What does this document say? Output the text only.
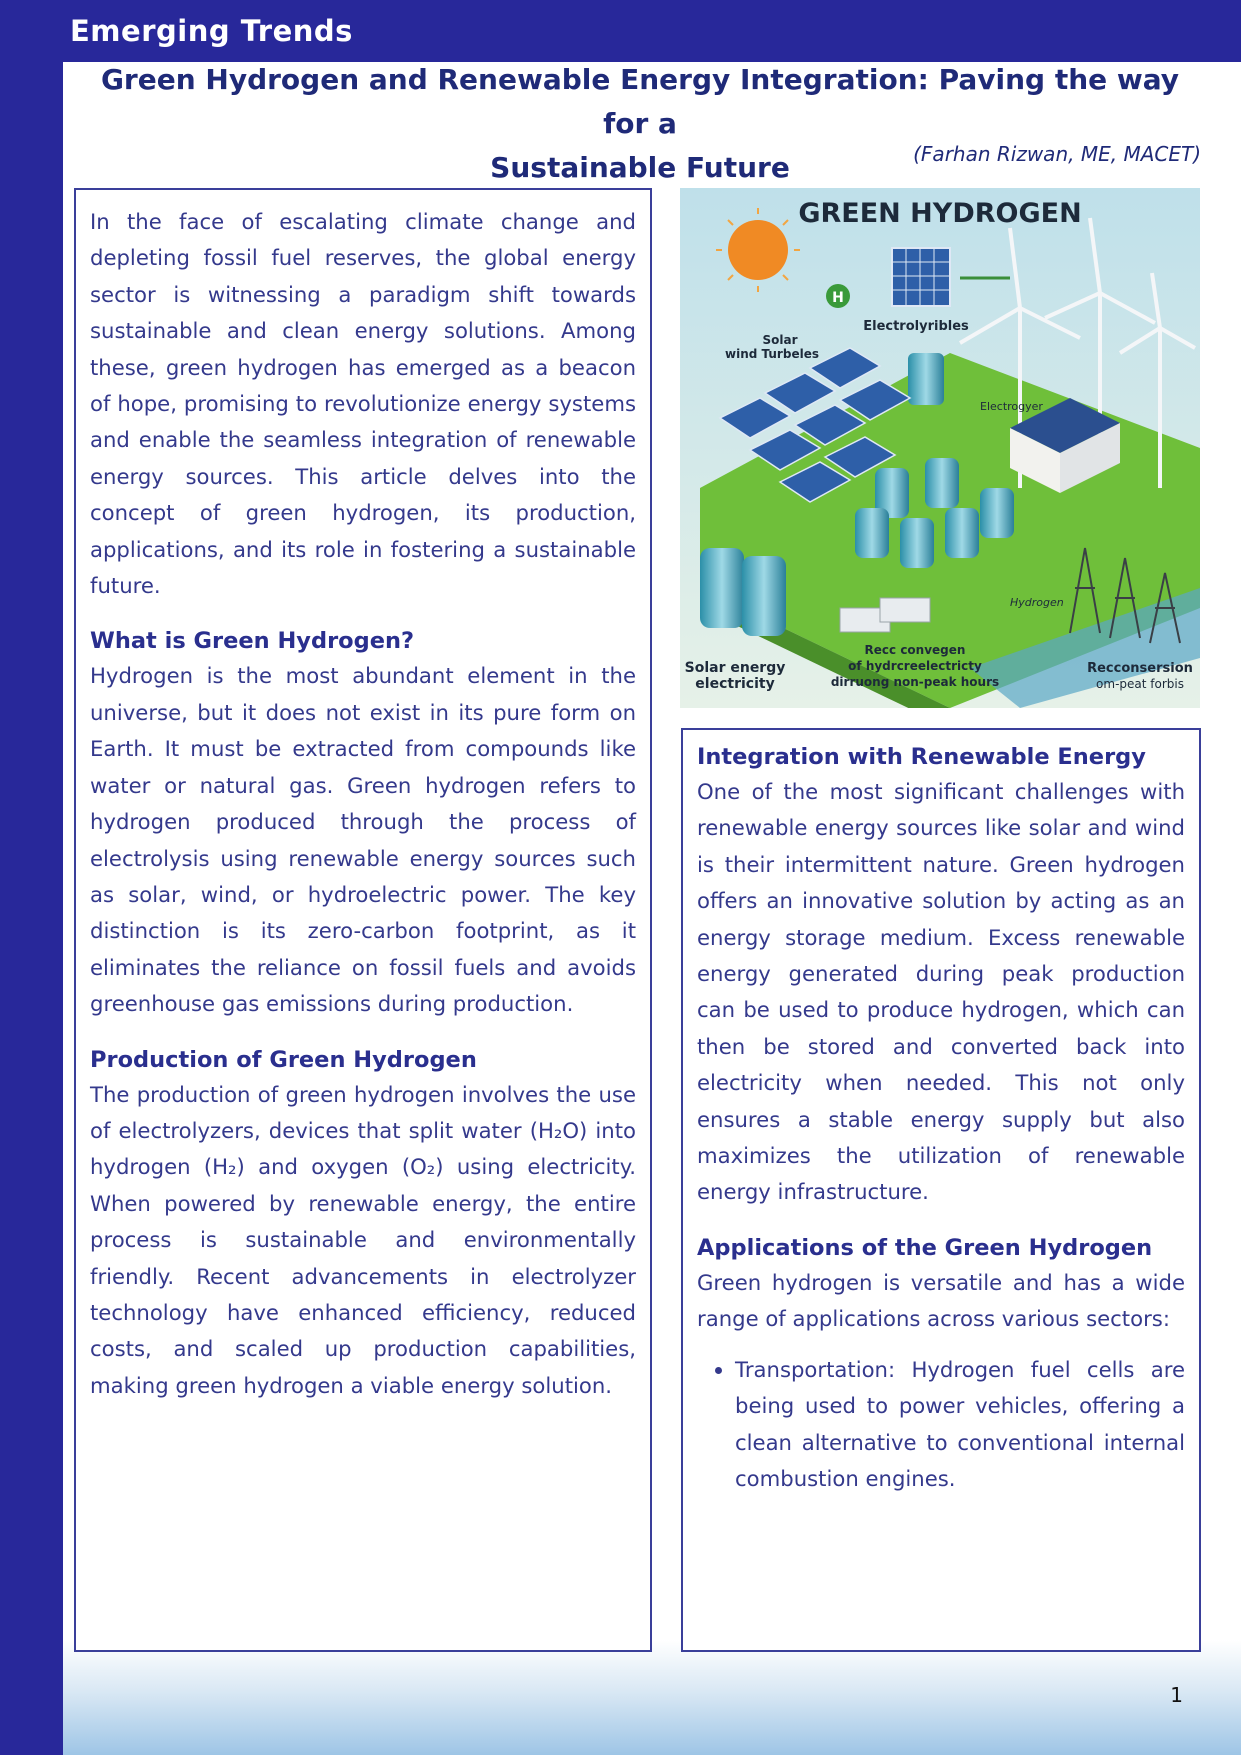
Emerging Trends
Green Hydrogen and Renewable Energy Integration: Paving the way for a
Sustainable Future	(Farhan Rizwan, ME, MACET)

In the face of escalating climate change and depleting fossil fuel reserves, the global energy sector is witnessing a paradigm shift towards sustainable and clean energy solutions. Among these, green hydrogen has emerged as a beacon of hope, promising to revolutionize energy systems and enable the seamless integration of renewable energy sources. This article delves into the concept of green hydrogen, its production, applications, and its role in fostering a sustainable future.

What is Green Hydrogen?

Hydrogen is the most abundant element in the universe, but it does not exist in its pure form on Earth. It must be extracted from compounds like water or natural gas. Green hydrogen refers to hydrogen produced through the process of electrolysis using renewable energy sources such as solar, wind, or hydroelectric power. The key distinction is its zero-carbon footprint, as it eliminates the reliance on fossil fuels and avoids greenhouse gas emissions during production.

Production of Green Hydrogen

The production of green hydrogen involves the use of electrolyzers, devices that split water (H₂O) into hydrogen (H₂) and oxygen (O₂) using electricity. When powered by renewable energy, the entire process is sustainable and environmentally friendly. Recent advancements in electrolyzer technology have enhanced efficiency, reduced costs, and scaled up production capabilities, making green hydrogen a viable energy solution.

GREEN HYDROGEN
H
Electrolyribles
Solar
wind Turbeles
Electrogyer
Hydrogen
Solar energy
electricity
Recc convegen
of hydrcreelectricty
dirruong non-peak hours
Recconsersion
om-peat forbis
Integration with Renewable Energy

One of the most significant challenges with renewable energy sources like solar and wind is their intermittent nature. Green hydrogen offers an innovative solution by acting as an energy storage medium. Excess renewable energy generated during peak production can be used to produce hydrogen, which can then be stored and converted back into electricity when needed. This not only ensures a stable energy supply but also maximizes the utilization of renewable energy infrastructure.

Applications of the Green Hydrogen

Green hydrogen is versatile and has a wide range of applications across various sectors:

• Transportation: Hydrogen fuel cells are being used to power vehicles, offering a clean alternative to conventional internal combustion engines.
1
